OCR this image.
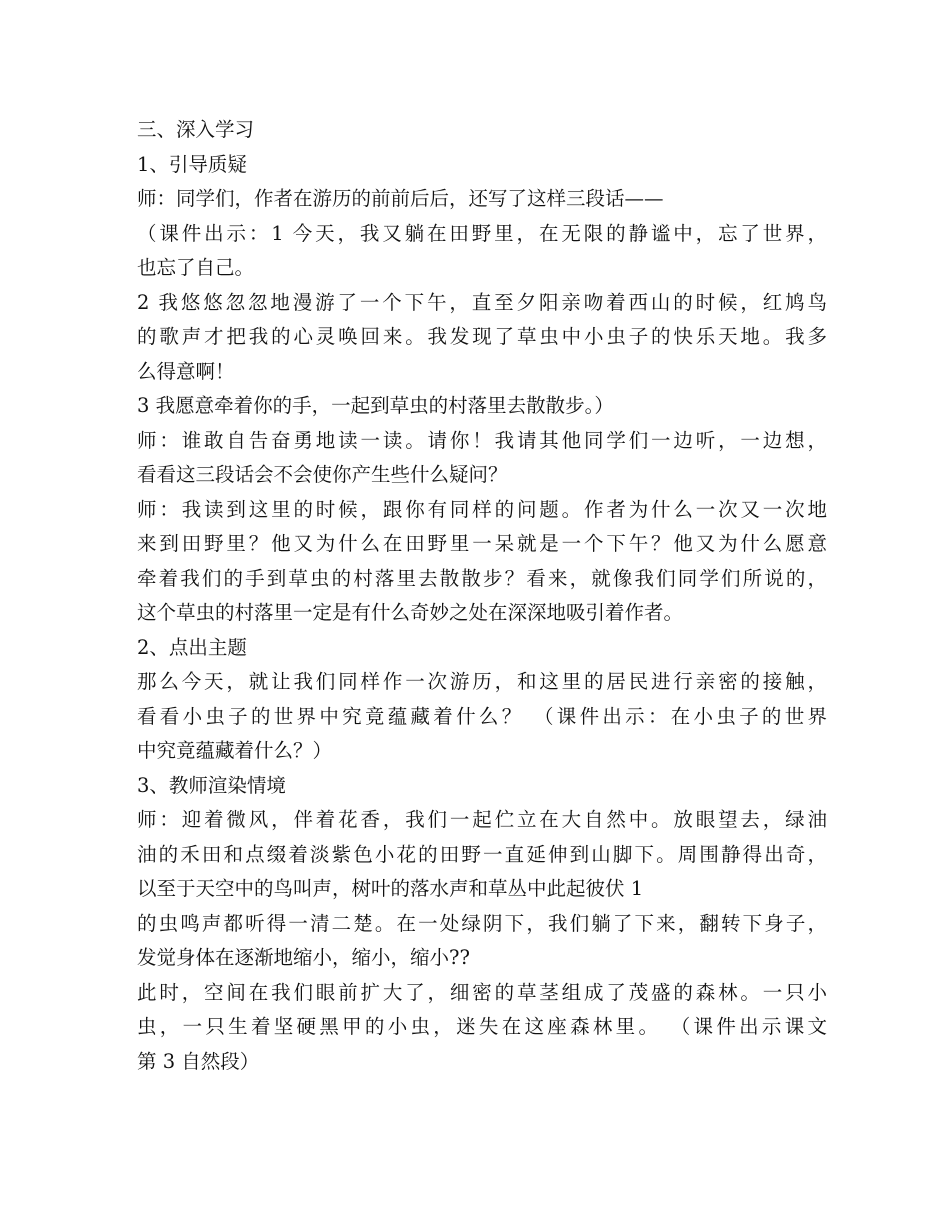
三、深入学习
1、引导质疑
师：同学们，作者在游历的前前后后，还写了这样三段话——
（课件出示：1 今天，我又躺在田野里，在无限的静谧中，忘了世界，
也忘了自己。
2 我悠悠忽忽地漫游了一个下午，直至夕阳亲吻着西山的时候，红鸠鸟
的歌声才把我的心灵唤回来。我发现了草虫中小虫子的快乐天地。我多
么得意啊！
3 我愿意牵着你的手，一起到草虫的村落里去散散步。）
师：谁敢自告奋勇地读一读。请你！我请其他同学们一边听，一边想，
看看这三段话会不会使你产生些什么疑问？
师：我读到这里的时候，跟你有同样的问题。作者为什么一次又一次地
来到田野里？他又为什么在田野里一呆就是一个下午？他又为什么愿意
牵着我们的手到草虫的村落里去散散步？看来，就像我们同学们所说的，
这个草虫的村落里一定是有什么奇妙之处在深深地吸引着作者。
2、点出主题
那么今天，就让我们同样作一次游历，和这里的居民进行亲密的接触，
看看小虫子的世界中究竟蕴藏着什么？ （课件出示：在小虫子的世界
中究竟蕴藏着什么？）
3、教师渲染情境
师：迎着微风，伴着花香，我们一起伫立在大自然中。放眼望去，绿油
油的禾田和点缀着淡紫色小花的田野一直延伸到山脚下。周围静得出奇，
以至于天空中的鸟叫声，树叶的落水声和草丛中此起彼伏 1
的虫鸣声都听得一清二楚。在一处绿阴下，我们躺了下来，翻转下身子，
发觉身体在逐渐地缩小，缩小，缩小??
此时，空间在我们眼前扩大了，细密的草茎组成了茂盛的森林。一只小
虫，一只生着坚硬黑甲的小虫，迷失在这座森林里。 （课件出示课文
第 3 自然段）
